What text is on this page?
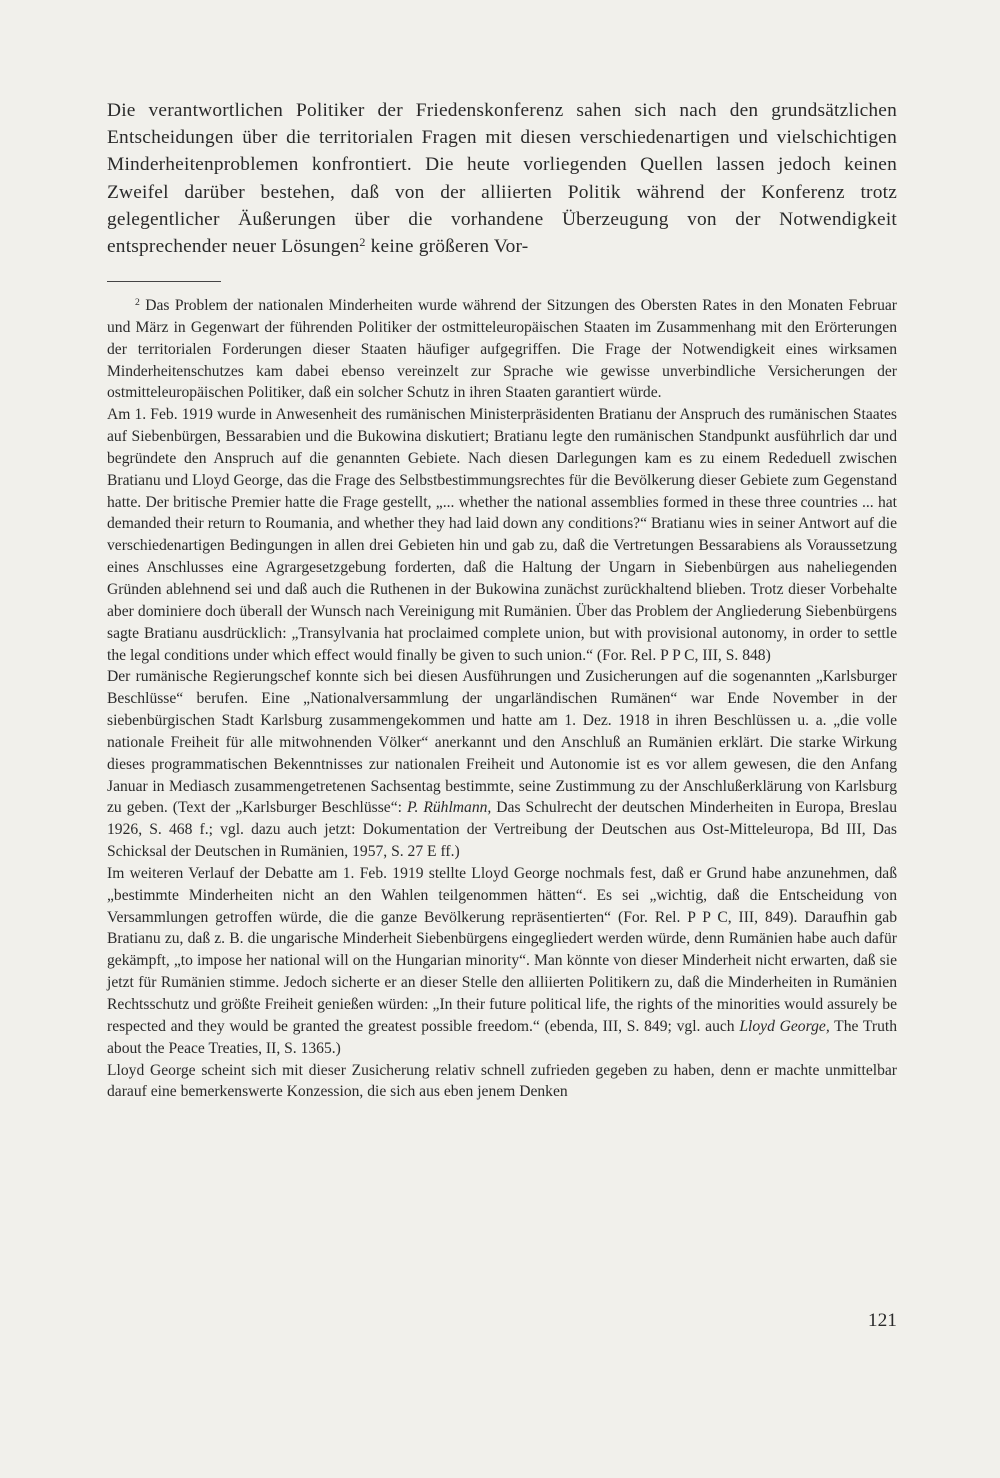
Die verantwortlichen Politiker der Friedenskonferenz sahen sich nach den grundsätzlichen Entscheidungen über die territorialen Fragen mit diesen verschiedenartigen und vielschichtigen Minderheitenproblemen konfrontiert. Die heute vorliegenden Quellen lassen jedoch keinen Zweifel darüber bestehen, daß von der alliierten Politik während der Konferenz trotz gelegentlicher Äußerungen über die vorhandene Überzeugung von der Notwendigkeit entsprechender neuer Lösungen$^2$ keine größeren Vor-

$^2$ Das Problem der nationalen Minderheiten wurde während der Sitzungen des Obersten Rates in den Monaten Februar und März in Gegenwart der führenden Politiker der ostmitteleuropäischen Staaten im Zusammenhang mit den Erörterungen der territorialen Forderungen dieser Staaten häufiger aufgegriffen. Die Frage der Notwendigkeit eines wirksamen Minderheitenschutzes kam dabei ebenso vereinzelt zur Sprache wie gewisse unverbindliche Versicherungen der ostmitteleuropäischen Politiker, daß ein solcher Schutz in ihren Staaten garantiert würde.

Am 1. Feb. 1919 wurde in Anwesenheit des rumänischen Ministerpräsidenten Bratianu der Anspruch des rumänischen Staates auf Siebenbürgen, Bessarabien und die Bukowina diskutiert; Bratianu legte den rumänischen Standpunkt ausführlich dar und begründete den Anspruch auf die genannten Gebiete. Nach diesen Darlegungen kam es zu einem Rededuell zwischen Bratianu und Lloyd George, das die Frage des Selbstbestimmungsrechtes für die Bevölkerung dieser Gebiete zum Gegenstand hatte. Der britische Premier hatte die Frage gestellt, „... whether the national assemblies formed in these three countries ... hat demanded their return to Roumania, and whether they had laid down any conditions?“ Bratianu wies in seiner Antwort auf die verschiedenartigen Bedingungen in allen drei Gebieten hin und gab zu, daß die Vertretungen Bessarabiens als Voraussetzung eines Anschlusses eine Agrargesetzgebung forderten, daß die Haltung der Ungarn in Siebenbürgen aus naheliegenden Gründen ablehnend sei und daß auch die Ruthenen in der Bukowina zunächst zurückhaltend blieben. Trotz dieser Vorbehalte aber dominiere doch überall der Wunsch nach Vereinigung mit Rumänien. Über das Problem der Angliederung Siebenbürgens sagte Bratianu ausdrücklich: „Transylvania hat proclaimed complete union, but with provisional autonomy, in order to settle the legal conditions under which effect would finally be given to such union.“ (For. Rel. P P C, III, S. 848)

Der rumänische Regierungschef konnte sich bei diesen Ausführungen und Zusicherungen auf die sogenannten „Karlsburger Beschlüsse“ berufen. Eine „Nationalversammlung der ungarländischen Rumänen“ war Ende November in der siebenbürgischen Stadt Karlsburg zusammengekommen und hatte am 1. Dez. 1918 in ihren Beschlüssen u. a. „die volle nationale Freiheit für alle mitwohnenden Völker“ anerkannt und den Anschluß an Rumänien erklärt. Die starke Wirkung dieses programmatischen Bekenntnisses zur nationalen Freiheit und Autonomie ist es vor allem gewesen, die den Anfang Januar in Mediasch zusammengetretenen Sachsentag bestimmte, seine Zustimmung zu der Anschlußerklärung von Karlsburg zu geben. (Text der „Karlsburger Beschlüsse“: P. Rühlmann, Das Schulrecht der deutschen Minderheiten in Europa, Breslau 1926, S. 468 f.; vgl. dazu auch jetzt: Dokumentation der Vertreibung der Deutschen aus Ost-Mitteleuropa, Bd III, Das Schicksal der Deutschen in Rumänien, 1957, S. 27 E ff.)

Im weiteren Verlauf der Debatte am 1. Feb. 1919 stellte Lloyd George nochmals fest, daß er Grund habe anzunehmen, daß „bestimmte Minderheiten nicht an den Wahlen teilgenommen hätten“. Es sei „wichtig, daß die Entscheidung von Versammlungen getroffen würde, die die ganze Bevölkerung repräsentierten“ (For. Rel. P P C, III, 849). Daraufhin gab Bratianu zu, daß z. B. die ungarische Minderheit Siebenbürgens eingegliedert werden würde, denn Rumänien habe auch dafür gekämpft, „to impose her national will on the Hungarian minority“. Man könnte von dieser Minderheit nicht erwarten, daß sie jetzt für Rumänien stimme. Jedoch sicherte er an dieser Stelle den alliierten Politikern zu, daß die Minderheiten in Rumänien Rechtsschutz und größte Freiheit genießen würden: „In their future political life, the rights of the minorities would assurely be respected and they would be granted the greatest possible freedom.“ (ebenda, III, S. 849; vgl. auch Lloyd George, The Truth about the Peace Treaties, II, S. 1365.)

Lloyd George scheint sich mit dieser Zusicherung relativ schnell zufrieden gegeben zu haben, denn er machte unmittelbar darauf eine bemerkenswerte Konzession, die sich aus eben jenem Denken

121
